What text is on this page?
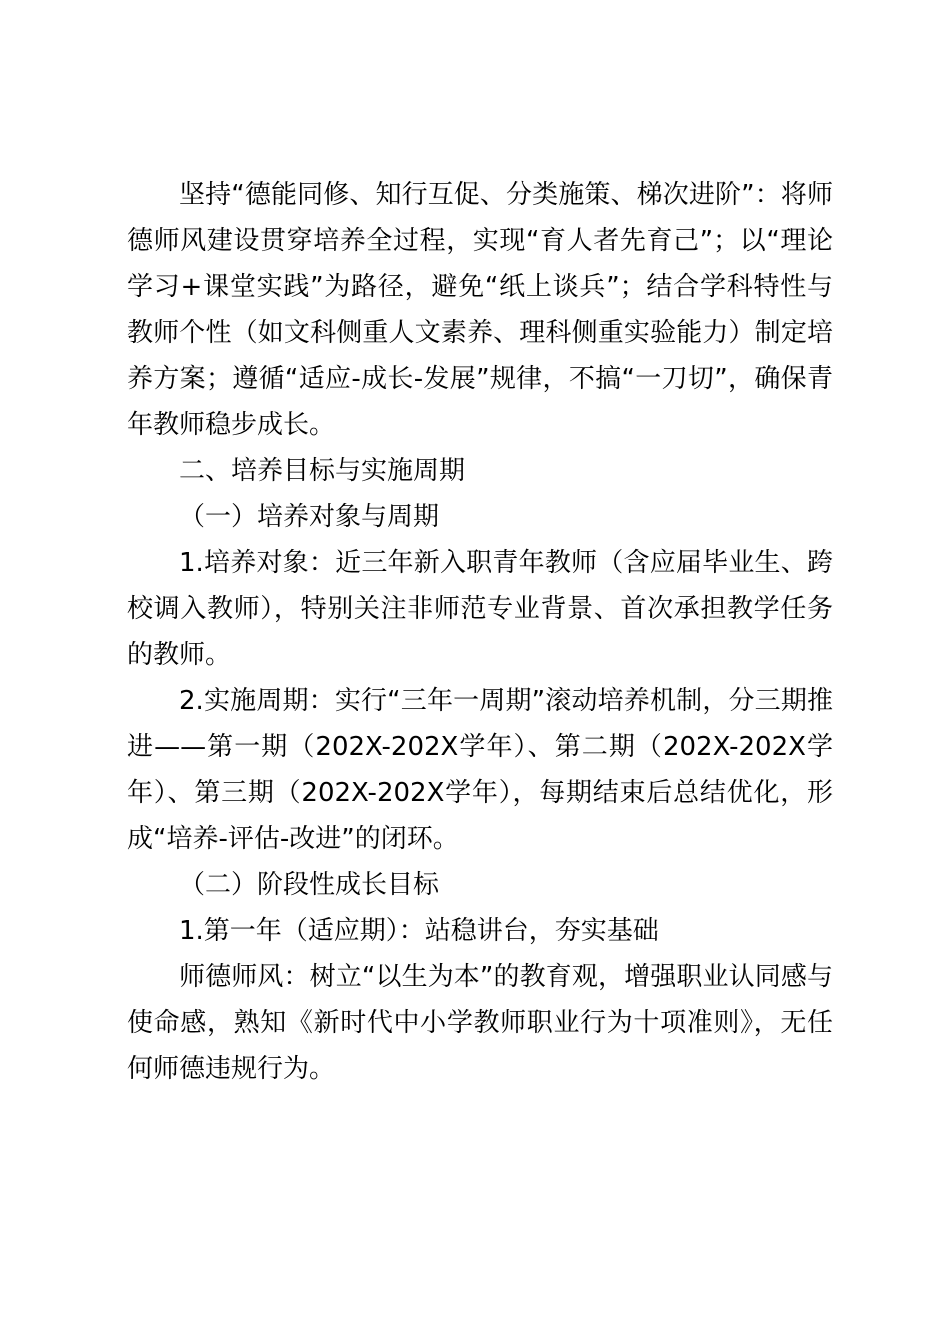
坚持“德能同修、知行互促、分类施策、梯次进阶”：将师德师风建设贯穿培养全过程，实现“育人者先育己”；以“理论学习+课堂实践”为路径，避免“纸上谈兵”；结合学科特性与教师个性（如文科侧重人文素养、理科侧重实验能力）制定培养方案；遵循“适应-成长-发展”规律，不搞“一刀切”，确保青年教师稳步成长。

二、培养目标与实施周期

（一）培养对象与周期

1.培养对象：近三年新入职青年教师（含应届毕业生、跨校调入教师），特别关注非师范专业背景、首次承担教学任务的教师。

2.实施周期：实行“三年一周期”滚动培养机制，分三期推进——第一期（202X-202X学年）、第二期（202X-202X学年）、第三期（202X-202X学年），每期结束后总结优化，形成“培养-评估-改进”的闭环。

（二）阶段性成长目标

1.第一年（适应期）：站稳讲台，夯实基础

师德师风：树立“以生为本”的教育观，增强职业认同感与使命感，熟知《新时代中小学教师职业行为十项准则》，无任何师德违规行为。
